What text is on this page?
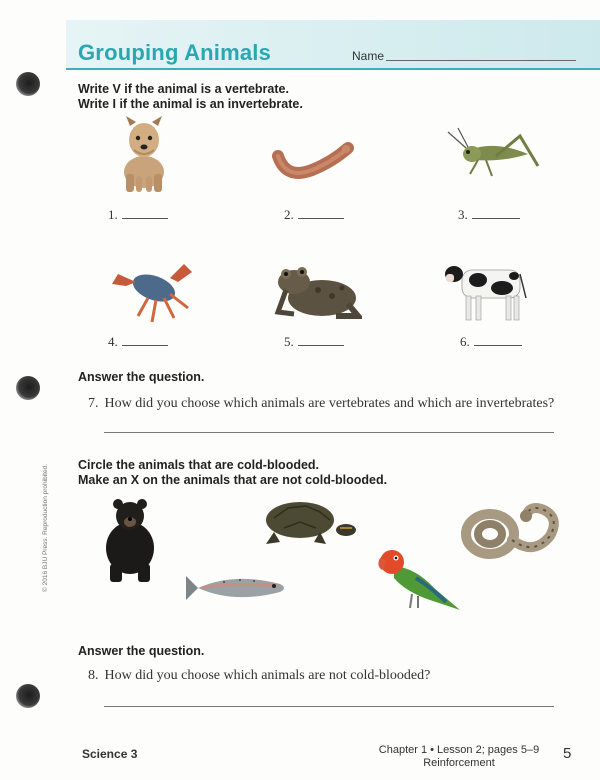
Grouping Animals	Name

Write V if the animal is a vertebrate.
Write I if the animal is an invertebrate.

1.	2.	3.
4.	5.	6.

Answer the question.

7. How did you choose which animals are vertebrates and which are invertebrates?

Circle the animals that are cold-blooded.
Make an X on the animals that are not cold-blooded.

Answer the question.

8. How did you choose which animals are not cold-blooded?
© 2016 BJU Press. Reproduction prohibited.
Science 3	Chapter 1 • Lesson 2; pages 5–9
Reinforcement
5
